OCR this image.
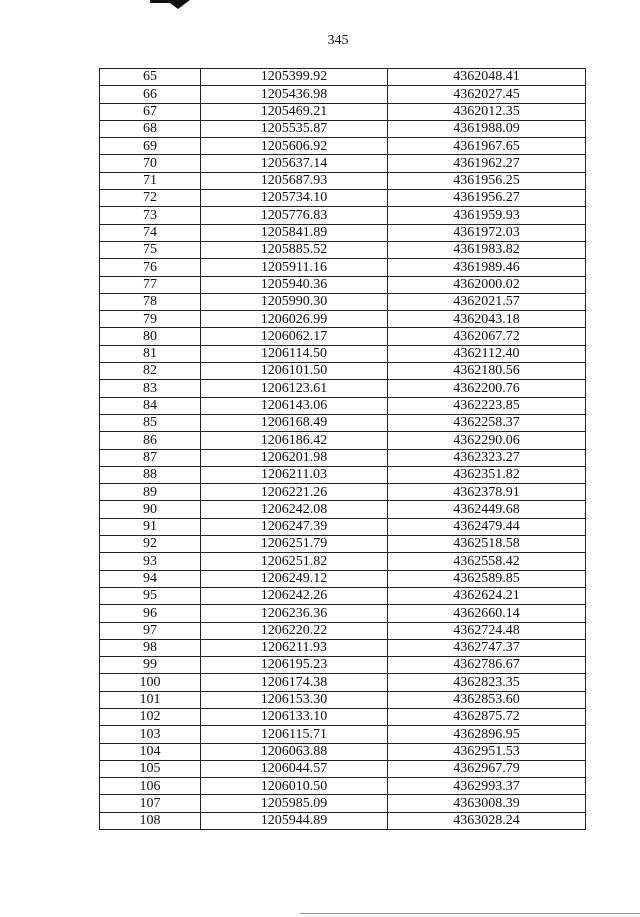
345
65	1205399.92	4362048.41
66	1205436.98	4362027.45
67	1205469.21	4362012.35
68	1205535.87	4361988.09
69	1205606.92	4361967.65
70	1205637.14	4361962.27
71	1205687.93	4361956.25
72	1205734.10	4361956.27
73	1205776.83	4361959.93
74	1205841.89	4361972.03
75	1205885.52	4361983.82
76	1205911.16	4361989.46
77	1205940.36	4362000.02
78	1205990.30	4362021.57
79	1206026.99	4362043.18
80	1206062.17	4362067.72
81	1206114.50	4362112.40
82	1206101.50	4362180.56
83	1206123.61	4362200.76
84	1206143.06	4362223.85
85	1206168.49	4362258.37
86	1206186.42	4362290.06
87	1206201.98	4362323.27
88	1206211.03	4362351.82
89	1206221.26	4362378.91
90	1206242.08	4362449.68
91	1206247.39	4362479.44
92	1206251.79	4362518.58
93	1206251.82	4362558.42
94	1206249.12	4362589.85
95	1206242.26	4362624.21
96	1206236.36	4362660.14
97	1206220.22	4362724.48
98	1206211.93	4362747.37
99	1206195.23	4362786.67
100	1206174.38	4362823.35
101	1206153.30	4362853.60
102	1206133.10	4362875.72
103	1206115.71	4362896.95
104	1206063.88	4362951.53
105	1206044.57	4362967.79
106	1206010.50	4362993.37
107	1205985.09	4363008.39
108	1205944.89	4363028.24
